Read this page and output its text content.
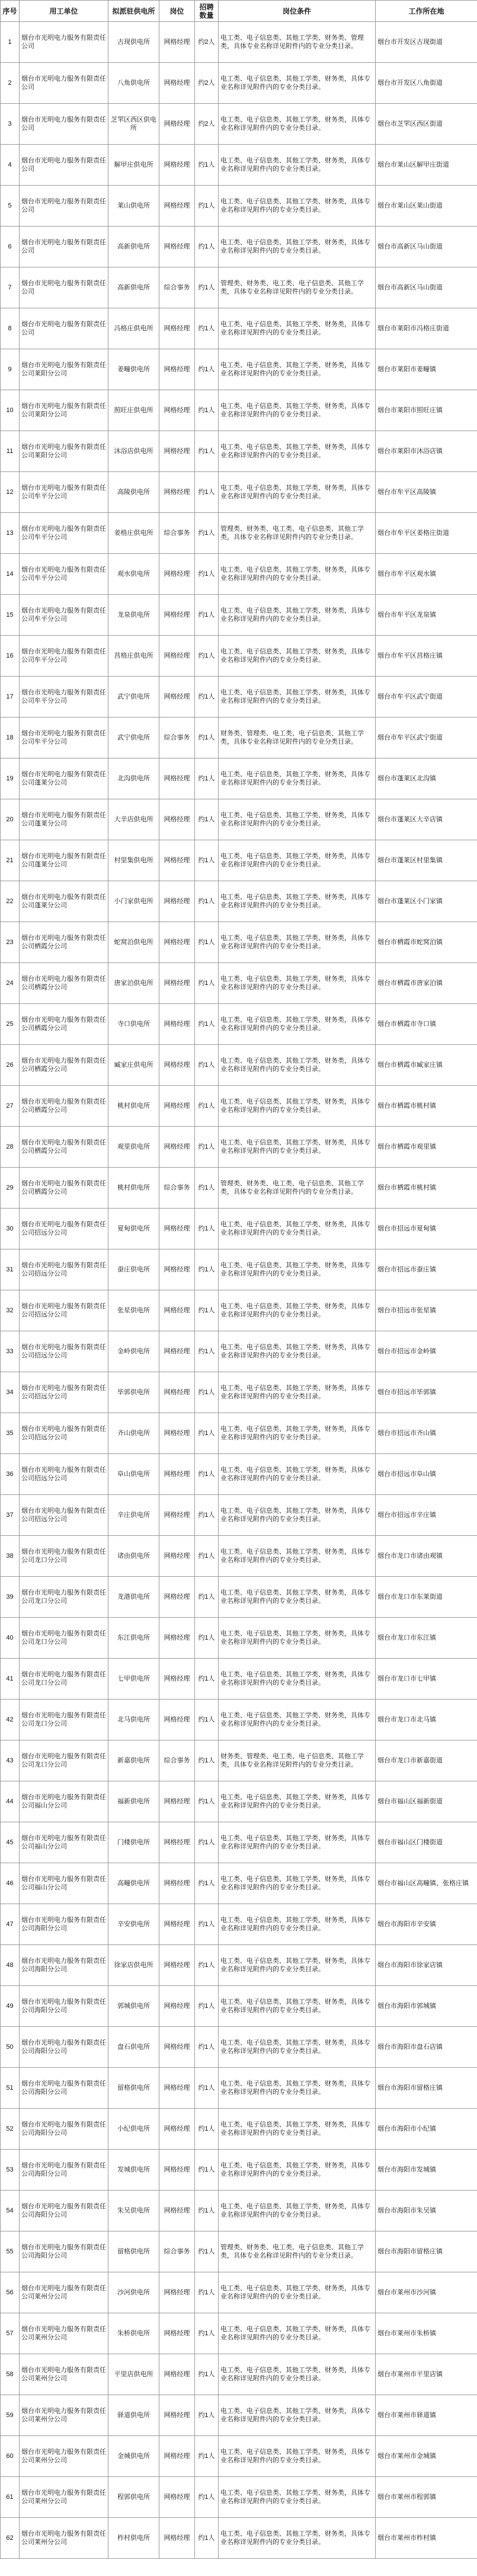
序号	用工单位	拟派驻供电所	岗位	招聘数量	岗位条件	工作所在地
1	烟台市光明电力服务有限责任公司	古现供电所	网格经理	约2人	电工类、电子信息类、其他工学类、财务类、管理类，具体专业名称详见附件内的专业分类目录。	烟台市开发区古现街道
2	烟台市光明电力服务有限责任公司	八角供电所	网格经理	约2人	电工类、电子信息类、其他工学类、财务类，具体专业名称详见附件内的专业分类目录。	烟台市开发区八角街道
3	烟台市光明电力服务有限责任公司	芝罘区西区供电所	网格经理	约2人	电工类、电子信息类、其他工学类、财务类，具体专业名称详见附件内的专业分类目录。	烟台市芝罘区西区街道
4	烟台市光明电力服务有限责任公司	解甲庄供电所	网格经理	约1人	电工类、电子信息类、其他工学类、财务类，具体专业名称详见附件内的专业分类目录。	烟台市莱山区解甲庄街道
5	烟台市光明电力服务有限责任公司	莱山供电所	网格经理	约1人	电工类、电子信息类、其他工学类、财务类，具体专业名称详见附件内的专业分类目录。	烟台市莱山区莱山街道
6	烟台市光明电力服务有限责任公司	高新供电所	网格经理	约1人	电工类、电子信息类、其他工学类、财务类，具体专业名称详见附件内的专业分类目录。	烟台市高新区马山街道
7	烟台市光明电力服务有限责任公司	高新供电所	综合事务	约1人	管理类、财务类、电工类、电子信息类、其他工学类，具体专业名称详见附件内的专业分类目录。	烟台市高新区马山街道
8	烟台市光明电力服务有限责任公司	冯格庄供电所	网格经理	约1人	电工类、电子信息类、其他工学类、财务类，具体专业名称详见附件内的专业分类目录。	烟台市莱阳市冯格庄街道
9	烟台市光明电力服务有限责任公司莱阳分公司	姜疃供电所	网格经理	约1人	电工类、电子信息类、其他工学类、财务类，具体专业名称详见附件内的专业分类目录。	烟台市莱阳市姜疃镇
10	烟台市光明电力服务有限责任公司莱阳分公司	照旺庄供电所	网格经理	约1人	电工类、电子信息类、其他工学类、财务类，具体专业名称详见附件内的专业分类目录。	烟台市莱阳市照旺庄镇
11	烟台市光明电力服务有限责任公司莱阳分公司	沐浴店供电所	网格经理	约1人	电工类、电子信息类、其他工学类、财务类，具体专业名称详见附件内的专业分类目录。	烟台市莱阳市沐浴店镇
12	烟台市光明电力服务有限责任公司牟平分公司	高陵供电所	网格经理	约1人	电工类、电子信息类、其他工学类、财务类，具体专业名称详见附件内的专业分类目录。	烟台市牟平区高陵镇
13	烟台市光明电力服务有限责任公司牟平分公司	姜格庄供电所	综合事务	约1人	管理类、财务类、电工类、电子信息类、其他工学类，具体专业名称详见附件内的专业分类目录。	烟台市牟平区姜格庄街道
14	烟台市光明电力服务有限责任公司牟平分公司	观水供电所	网格经理	约1人	电工类、电子信息类、其他工学类、财务类，具体专业名称详见附件内的专业分类目录。	烟台市牟平区观水镇
15	烟台市光明电力服务有限责任公司牟平分公司	龙泉供电所	网格经理	约1人	电工类、电子信息类、其他工学类、财务类，具体专业名称详见附件内的专业分类目录。	烟台市牟平区龙泉镇
16	烟台市光明电力服务有限责任公司牟平分公司	莒格庄供电所	网格经理	约1人	电工类、电子信息类、其他工学类、财务类，具体专业名称详见附件内的专业分类目录。	烟台市牟平区莒格庄镇
17	烟台市光明电力服务有限责任公司牟平分公司	武宁供电所	网格经理	约1人	电工类、电子信息类、其他工学类、财务类，具体专业名称详见附件内的专业分类目录。	烟台市牟平区武宁街道
18	烟台市光明电力服务有限责任公司牟平分公司	武宁供电所	综合事务	约1人	财务类、管理类、电工类、电子信息类、其他工学类，具体专业名称详见附件内的专业分类目录。	烟台市牟平区武宁街道
19	烟台市光明电力服务有限责任公司蓬莱分公司	北沟供电所	网格经理	约1人	电工类、电子信息类、其他工学类、财务类，具体专业名称详见附件内的专业分类目录。	烟台市蓬莱区北沟镇
20	烟台市光明电力服务有限责任公司蓬莱分公司	大辛店供电所	网格经理	约1人	电工类、电子信息类、其他工学类、财务类，具体专业名称详见附件内的专业分类目录。	烟台市蓬莱区大辛店镇
21	烟台市光明电力服务有限责任公司蓬莱分公司	村里集供电所	网格经理	约1人	电工类、电子信息类、其他工学类、财务类，具体专业名称详见附件内的专业分类目录。	烟台市蓬莱区村里集镇
22	烟台市光明电力服务有限责任公司蓬莱分公司	小门家供电所	网格经理	约1人	电工类、电子信息类、其他工学类、财务类，具体专业名称详见附件内的专业分类目录。	烟台市蓬莱区小门家镇
23	烟台市光明电力服务有限责任公司栖霞分公司	蛇窝泊供电所	网格经理	约1人	电工类、电子信息类、其他工学类、财务类，具体专业名称详见附件内的专业分类目录。	烟台市栖霞市蛇窝泊镇
24	烟台市光明电力服务有限责任公司栖霞分公司	唐家泊供电所	网格经理	约1人	电工类、电子信息类、其他工学类、财务类，具体专业名称详见附件内的专业分类目录。	烟台市栖霞市唐家泊镇
25	烟台市光明电力服务有限责任公司栖霞分公司	寺口供电所	网格经理	约1人	电工类、电子信息类、其他工学类、财务类，具体专业名称详见附件内的专业分类目录。	烟台市栖霞市寺口镇
26	烟台市光明电力服务有限责任公司栖霞分公司	臧家庄供电所	网格经理	约1人	电工类、电子信息类、其他工学类、财务类，具体专业名称详见附件内的专业分类目录。	烟台市栖霞市臧家庄镇
27	烟台市光明电力服务有限责任公司栖霞分公司	桃村供电所	网格经理	约1人	电工类、电子信息类、其他工学类、财务类，具体专业名称详见附件内的专业分类目录。	烟台市栖霞市桃村镇
28	烟台市光明电力服务有限责任公司栖霞分公司	观里供电所	网格经理	约1人	电工类、电子信息类、其他工学类、财务类，具体专业名称详见附件内的专业分类目录。	烟台市栖霞市观里镇
29	烟台市光明电力服务有限责任公司栖霞分公司	桃村供电所	综合事务	约1人	管理类、财务类、电工类、电子信息类、其他工学类，具体专业名称详见附件内的专业分类目录。	烟台市栖霞市桃村镇
30	烟台市光明电力服务有限责任公司招远分公司	夏甸供电所	网格经理	约1人	电工类、电子信息类、其他工学类、财务类，具体专业名称详见附件内的专业分类目录。	烟台市招远市夏甸镇
31	烟台市光明电力服务有限责任公司招远分公司	蚕庄供电所	网格经理	约1人	电工类、电子信息类、其他工学类、财务类，具体专业名称详见附件内的专业分类目录。	烟台市招远市蚕庄镇
32	烟台市光明电力服务有限责任公司招远分公司	张星供电所	网格经理	约1人	电工类、电子信息类、其他工学类、财务类，具体专业名称详见附件内的专业分类目录。	烟台市招远市张星镇
33	烟台市光明电力服务有限责任公司招远分公司	金岭供电所	网格经理	约1人	电工类、电子信息类、其他工学类、财务类，具体专业名称详见附件内的专业分类目录。	烟台市招远市金岭镇
34	烟台市光明电力服务有限责任公司招远分公司	毕郭供电所	网格经理	约1人	电工类、电子信息类、其他工学类、财务类，具体专业名称详见附件内的专业分类目录。	烟台市招远市毕郭镇
35	烟台市光明电力服务有限责任公司招远分公司	齐山供电所	网格经理	约1人	电工类、电子信息类、其他工学类、财务类，具体专业名称详见附件内的专业分类目录。	烟台市招远市齐山镇
36	烟台市光明电力服务有限责任公司招远分公司	阜山供电所	网格经理	约1人	电工类、电子信息类、其他工学类、财务类，具体专业名称详见附件内的专业分类目录。	烟台市招远市阜山镇
37	烟台市光明电力服务有限责任公司招远分公司	辛庄供电所	网格经理	约1人	电工类、电子信息类、其他工学类、财务类，具体专业名称详见附件内的专业分类目录。	烟台市招远市辛庄镇
38	烟台市光明电力服务有限责任公司龙口分公司	诸由供电所	网格经理	约1人	电工类、电子信息类、其他工学类、财务类，具体专业名称详见附件内的专业分类目录。	烟台市龙口市诸由观镇
39	烟台市光明电力服务有限责任公司龙口分公司	龙港供电所	网格经理	约1人	电工类、电子信息类、其他工学类、财务类，具体专业名称详见附件内的专业分类目录。	烟台市龙口市东莱街道
40	烟台市光明电力服务有限责任公司龙口分公司	东江供电所	网格经理	约1人	电工类、电子信息类、其他工学类、财务类，具体专业名称详见附件内的专业分类目录。	烟台市龙口市东江镇
41	烟台市光明电力服务有限责任公司龙口分公司	七甲供电所	网格经理	约1人	电工类、电子信息类、其他工学类、财务类，具体专业名称详见附件内的专业分类目录。	烟台市龙口市七甲镇
42	烟台市光明电力服务有限责任公司龙口分公司	北马供电所	网格经理	约1人	电工类、电子信息类、其他工学类、财务类，具体专业名称详见附件内的专业分类目录。	烟台市龙口市北马镇
43	烟台市光明电力服务有限责任公司龙口分公司	新嘉供电所	综合事务	约1人	财务类、管理类、电工类、电子信息类、其他工学类，具体专业名称详见附件内的专业分类目录。	烟台市龙口市新嘉街道
44	烟台市光明电力服务有限责任公司福山分公司	福新供电所	网格经理	约1人	电工类、电子信息类、其他工学类、财务类，具体专业名称详见附件内的专业分类目录。	烟台市福山区福新街道
45	烟台市光明电力服务有限责任公司福山分公司	门楼供电所	网格经理	约1人	电工类、电子信息类、其他工学类、财务类，具体专业名称详见附件内的专业分类目录。	烟台市福山区门楼街道
46	烟台市光明电力服务有限责任公司福山分公司	高疃供电所	网格经理	约1人	电工类、电子信息类、其他工学类、财务类，具体专业名称详见附件内的专业分类目录。	烟台市福山区高疃镇、张格庄镇
47	烟台市光明电力服务有限责任公司海阳分公司	辛安供电所	网格经理	约1人	电工类、电子信息类、其他工学类、财务类，具体专业名称详见附件内的专业分类目录。	烟台市海阳市辛安镇
48	烟台市光明电力服务有限责任公司海阳分公司	徐家店供电所	网格经理	约1人	电工类、电子信息类、其他工学类、财务类，具体专业名称详见附件内的专业分类目录。	烟台市海阳市徐家店镇
49	烟台市光明电力服务有限责任公司海阳分公司	郭城供电所	网格经理	约1人	电工类、电子信息类、其他工学类、财务类，具体专业名称详见附件内的专业分类目录。	烟台市海阳市郭城镇
50	烟台市光明电力服务有限责任公司海阳分公司	盘石供电所	网格经理	约1人	电工类、电子信息类、其他工学类、财务类，具体专业名称详见附件内的专业分类目录。	烟台市海阳市盘石店镇
51	烟台市光明电力服务有限责任公司海阳分公司	留格供电所	网格经理	约1人	电工类、电子信息类、其他工学类、财务类，具体专业名称详见附件内的专业分类目录。	烟台市海阳市留格庄镇
52	烟台市光明电力服务有限责任公司海阳分公司	小纪供电所	网格经理	约1人	电工类、电子信息类、其他工学类、财务类，具体专业名称详见附件内的专业分类目录。	烟台市海阳市小纪镇
53	烟台市光明电力服务有限责任公司海阳分公司	发城供电所	网格经理	约1人	电工类、电子信息类、其他工学类、财务类，具体专业名称详见附件内的专业分类目录。	烟台市海阳市发城镇
54	烟台市光明电力服务有限责任公司海阳分公司	朱吴供电所	网格经理	约1人	电工类、电子信息类、其他工学类、财务类，具体专业名称详见附件内的专业分类目录。	烟台市海阳市朱吴镇
55	烟台市光明电力服务有限责任公司海阳分公司	留格供电所	综合事务	约1人	管理类、财务类、电工类、电子信息类、其他工学类，具体专业名称详见附件内的专业分类目录。	烟台市海阳市留格庄镇
56	烟台市光明电力服务有限责任公司莱州分公司	沙河供电所	网格经理	约1人	电工类、电子信息类、其他工学类、财务类，具体专业名称详见附件内的专业分类目录。	烟台市莱州市沙河镇
57	烟台市光明电力服务有限责任公司莱州分公司	朱桥供电所	网格经理	约1人	电工类、电子信息类、其他工学类、财务类，具体专业名称详见附件内的专业分类目录。	烟台市莱州市朱桥镇
58	烟台市光明电力服务有限责任公司莱州分公司	平里店供电所	网格经理	约1人	电工类、电子信息类、其他工学类、财务类，具体专业名称详见附件内的专业分类目录。	烟台市莱州市平里店镇
59	烟台市光明电力服务有限责任公司莱州分公司	驿道供电所	网格经理	约1人	电工类、电子信息类、其他工学类、财务类，具体专业名称详见附件内的专业分类目录。	烟台市莱州市驿道镇
60	烟台市光明电力服务有限责任公司莱州分公司	金城供电所	网格经理	约1人	电工类、电子信息类、其他工学类、财务类，具体专业名称详见附件内的专业分类目录。	烟台市莱州市金城镇
61	烟台市光明电力服务有限责任公司莱州分公司	程郭供电所	网格经理	约1人	电工类、电子信息类、其他工学类、财务类，具体专业名称详见附件内的专业分类目录。	烟台市莱州市程郭镇
62	烟台市光明电力服务有限责任公司莱州分公司	柞村供电所	网格经理	约1人	电工类、电子信息类、其他工学类、财务类，具体专业名称详见附件内的专业分类目录。	烟台市莱州市柞村镇
